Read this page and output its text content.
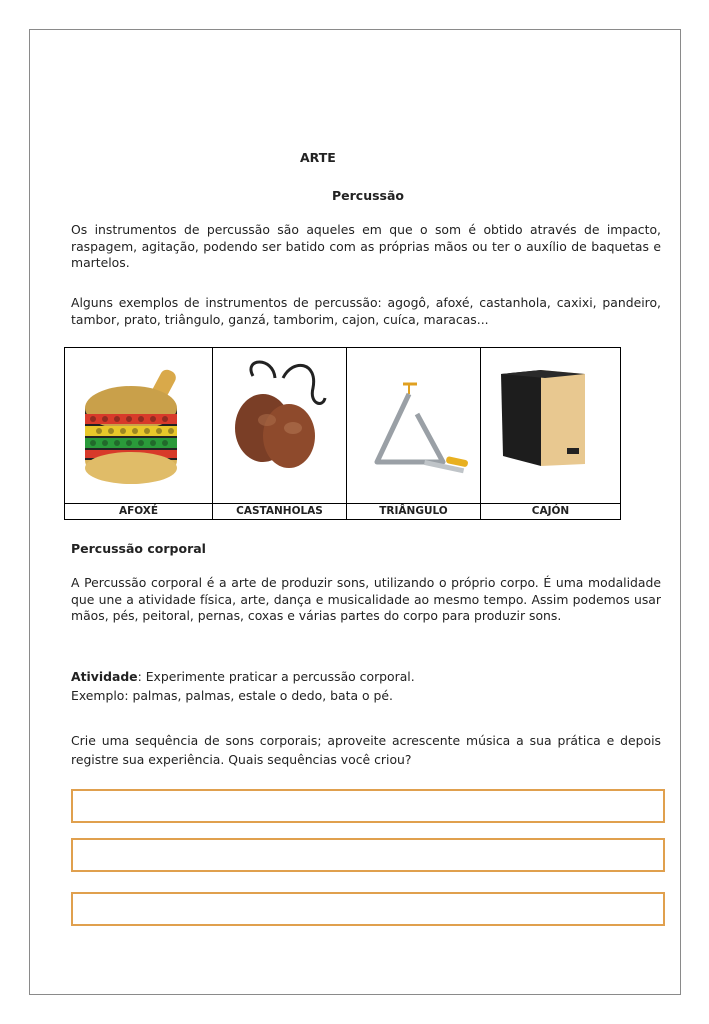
ARTE
Percussão

Os instrumentos de percussão são aqueles em que o som é obtido através de impacto, raspagem, agitação, podendo ser batido com as próprias mãos ou ter o auxílio de baquetas e martelos.

Alguns exemplos de instrumentos de percussão: agogô, afoxé, castanhola, caxixi, pandeiro, tambor, prato, triângulo, ganzá, tamborim, cajon, cuíca, maracas...

AFOXÉ	CASTANHOLAS	TRIÂNGULO	CAJÓN
Percussão corporal

A Percussão corporal é a arte de produzir sons, utilizando o próprio corpo. É uma modalidade que une a atividade física, arte, dança e musicalidade ao mesmo tempo. Assim podemos usar mãos, pés, peitoral, pernas, coxas e várias partes do corpo para produzir sons.

Atividade: Experimente praticar a percussão corporal.
Exemplo: palmas, palmas, estale o dedo, bata o pé.

Crie uma sequência de sons corporais; aproveite acrescente música a sua prática e depois registre sua experiência. Quais sequências você criou?
